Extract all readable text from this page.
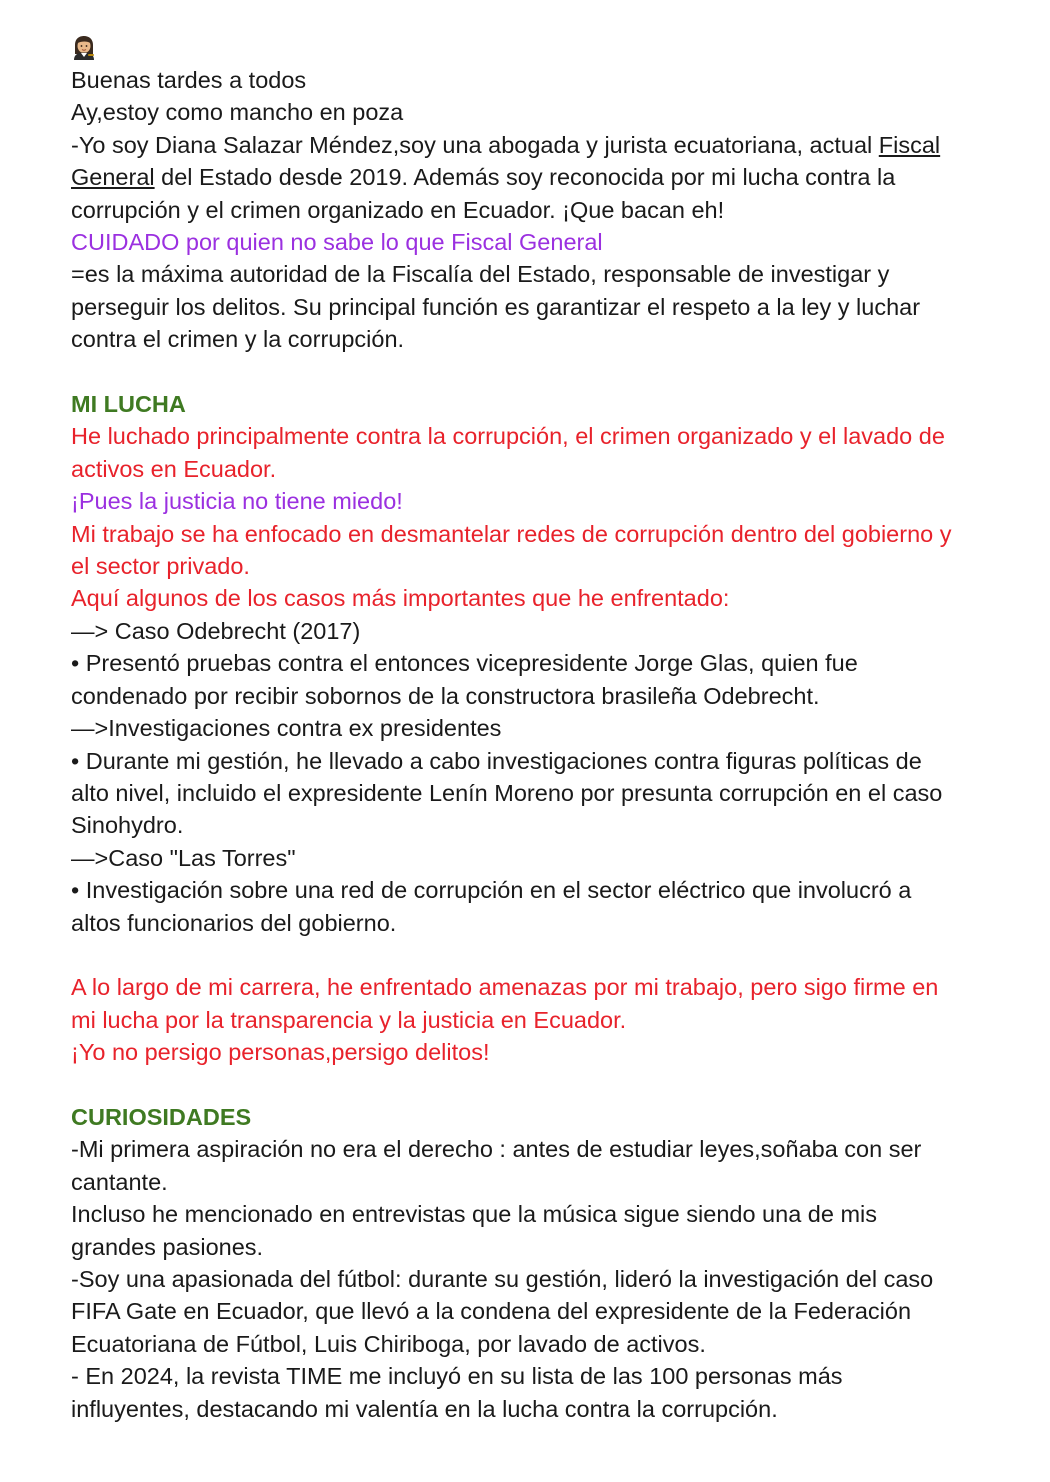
Buenas tardes a todos

Ay,estoy como mancho en poza

-Yo soy Diana Salazar Méndez,soy una abogada y jurista ecuatoriana, actual Fiscal

General del Estado desde 2019. Además soy reconocida por mi lucha contra la

corrupción y el crimen organizado en Ecuador. ¡Que bacan eh!

CUIDADO por quien no sabe lo que Fiscal General

=es la máxima autoridad de la Fiscalía del Estado, responsable de investigar y

perseguir los delitos. Su principal función es garantizar el respeto a la ley y luchar

contra el crimen y la corrupción.

MI LUCHA

He luchado principalmente contra la corrupción, el crimen organizado y el lavado de

activos en Ecuador.

¡Pues la justicia no tiene miedo!

Mi trabajo se ha enfocado en desmantelar redes de corrupción dentro del gobierno y

el sector privado.

Aquí algunos de los casos más importantes que he enfrentado:

—> Caso Odebrecht (2017)

• Presentó pruebas contra el entonces vicepresidente Jorge Glas, quien fue

condenado por recibir sobornos de la constructora brasileña Odebrecht.

—>Investigaciones contra ex presidentes

• Durante mi gestión, he llevado a cabo investigaciones contra figuras políticas de

alto nivel, incluido el expresidente Lenín Moreno por presunta corrupción en el caso

Sinohydro.

—>Caso "Las Torres"

• Investigación sobre una red de corrupción en el sector eléctrico que involucró a

altos funcionarios del gobierno.

A lo largo de mi carrera, he enfrentado amenazas por mi trabajo, pero sigo firme en

mi lucha por la transparencia y la justicia en Ecuador.

¡Yo no persigo personas,persigo delitos!

CURIOSIDADES

-Mi primera aspiración no era el derecho : antes de estudiar leyes,soñaba con ser

cantante.

Incluso he mencionado en entrevistas que la música sigue siendo una de mis

grandes pasiones.

-Soy una apasionada del fútbol: durante su gestión, lideró la investigación del caso

FIFA Gate en Ecuador, que llevó a la condena del expresidente de la Federación

Ecuatoriana de Fútbol, Luis Chiriboga, por lavado de activos.

- En 2024, la revista TIME me incluyó en su lista de las 100 personas más

influyentes, destacando mi valentía en la lucha contra la corrupción.
